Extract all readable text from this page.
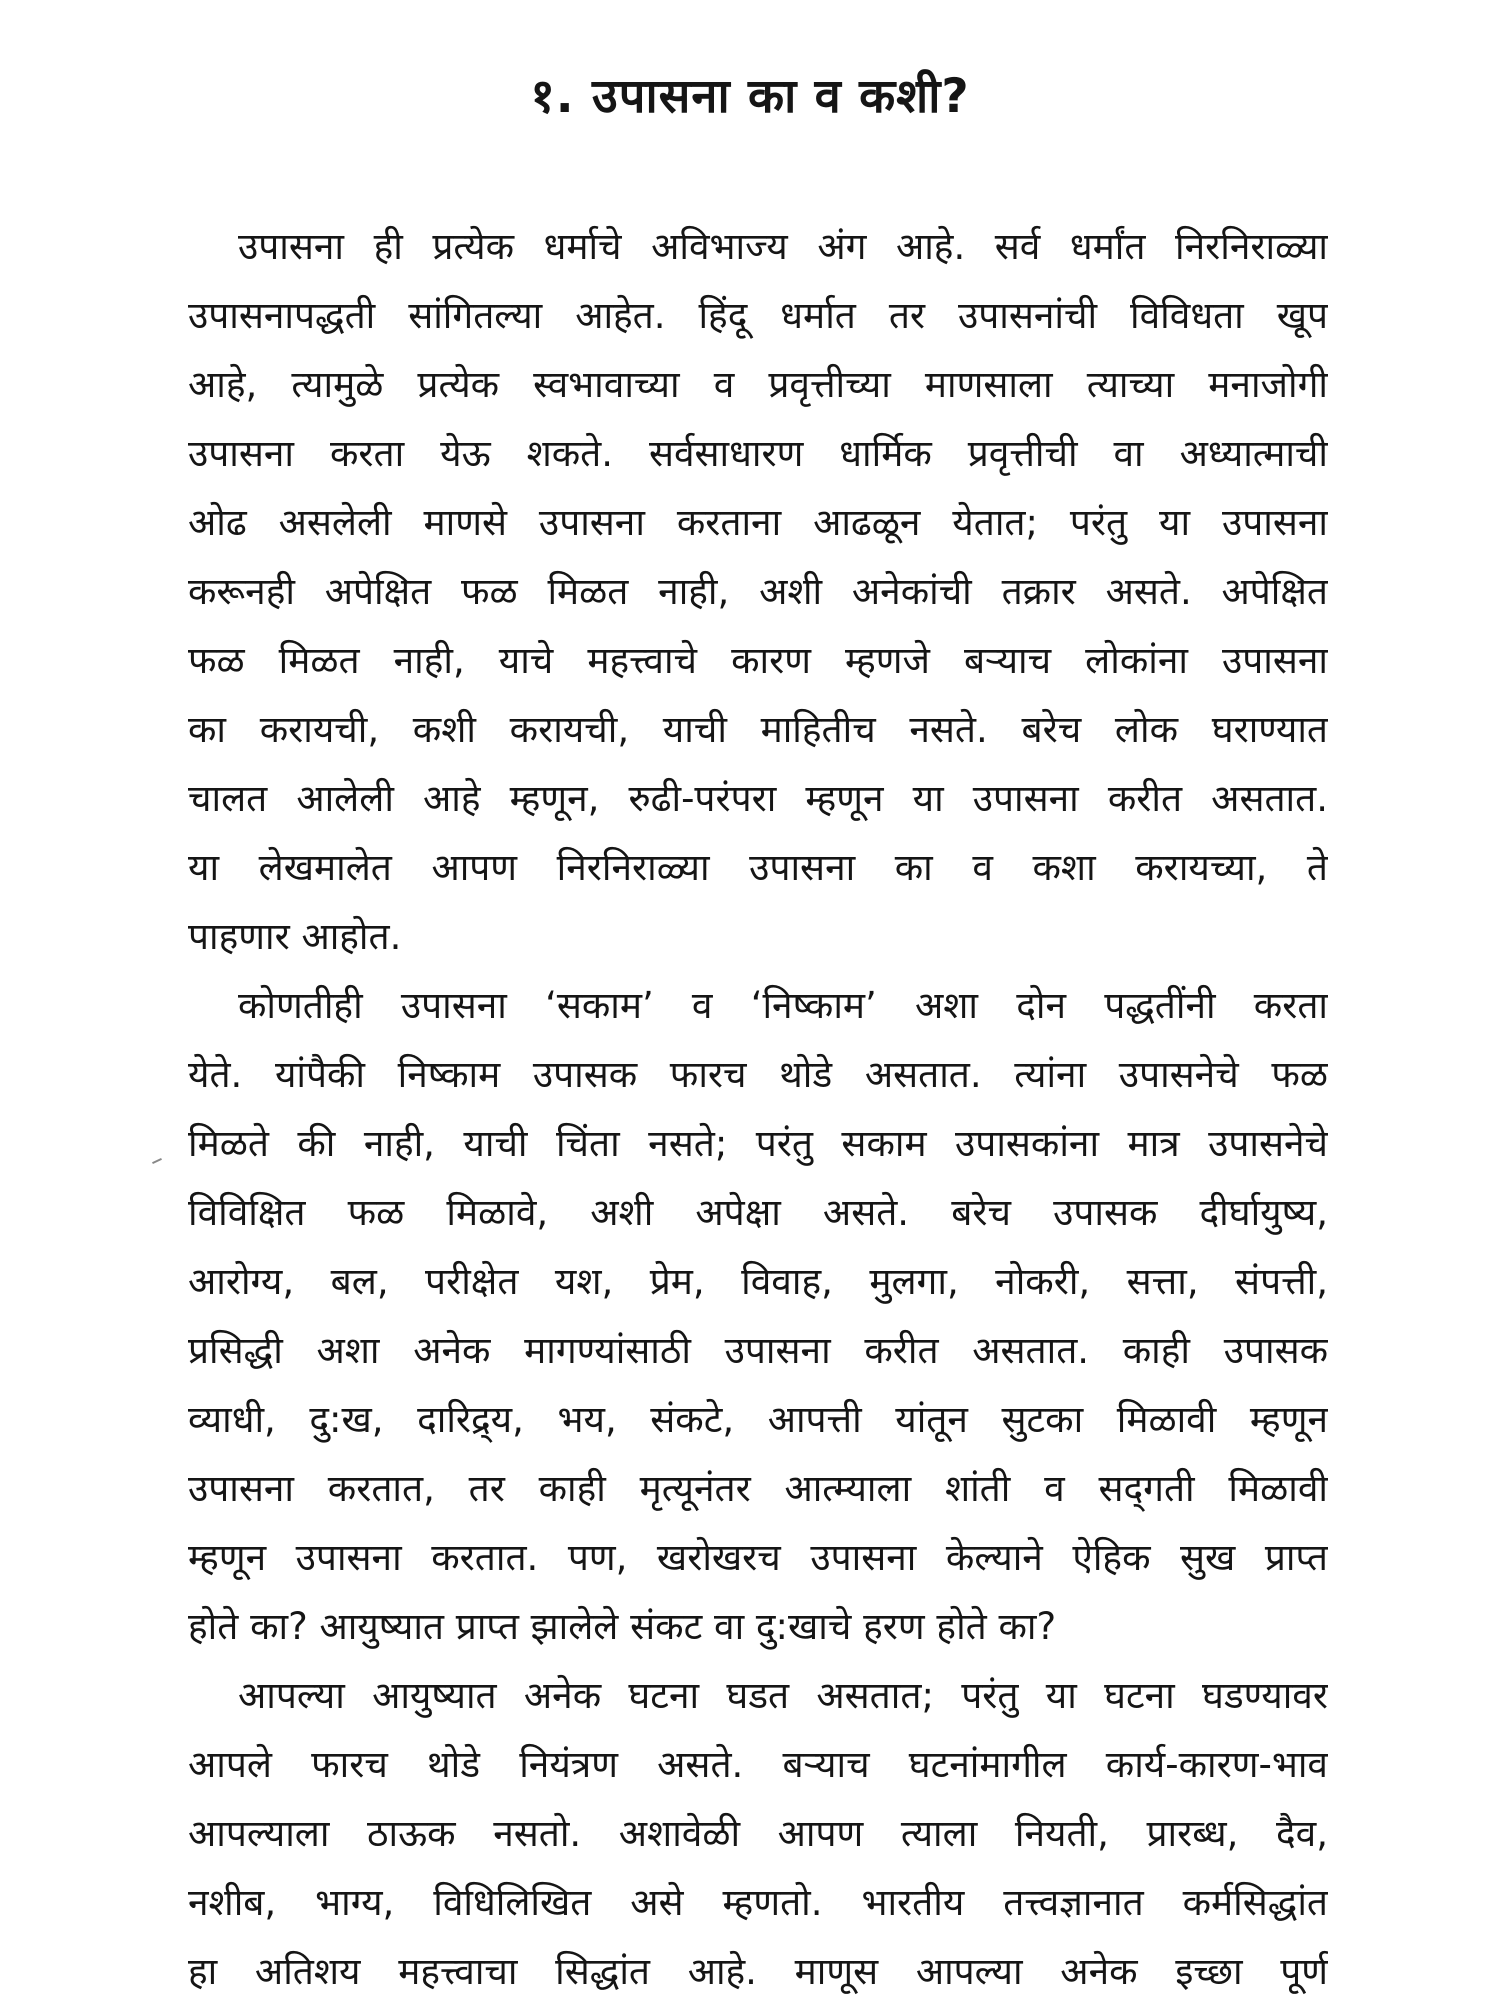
१. उपासना का व कशी?
उपासना ही प्रत्येक धर्माचे अविभाज्य अंग आहे. सर्व धर्मांत निरनिराळ्या
उपासनापद्धती सांगितल्या आहेत. हिंदू धर्मात तर उपासनांची विविधता खूप
आहे, त्यामुळे प्रत्येक स्वभावाच्या व प्रवृत्तीच्या माणसाला त्याच्या मनाजोगी
उपासना करता येऊ शकते. सर्वसाधारण धार्मिक प्रवृत्तीची वा अध्यात्माची
ओढ असलेली माणसे उपासना करताना आढळून येतात; परंतु या उपासना
करूनही अपेक्षित फळ मिळत नाही, अशी अनेकांची तक्रार असते. अपेक्षित
फळ मिळत नाही, याचे महत्त्वाचे कारण म्हणजे बऱ्याच लोकांना उपासना
का करायची, कशी करायची, याची माहितीच नसते. बरेच लोक घराण्यात
चालत आलेली आहे म्हणून, रुढी-परंपरा म्हणून या उपासना करीत असतात.
या लेखमालेत आपण निरनिराळ्या उपासना का व कशा करायच्या, ते
पाहणार आहोत.
कोणतीही उपासना ‘सकाम’ व ‘निष्काम’ अशा दोन पद्धतींनी करता
येते. यांपैकी निष्काम उपासक फारच थोडे असतात. त्यांना उपासनेचे फळ
मिळते की नाही, याची चिंता नसते; परंतु सकाम उपासकांना मात्र उपासनेचे
विविक्षित फळ मिळावे, अशी अपेक्षा असते. बरेच उपासक दीर्घायुष्य,
आरोग्य, बल, परीक्षेत यश, प्रेम, विवाह, मुलगा, नोकरी, सत्ता, संपत्ती,
प्रसिद्धी अशा अनेक मागण्यांसाठी उपासना करीत असतात. काही उपासक
व्याधी, दु:ख, दारिद्र्य, भय, संकटे, आपत्ती यांतून सुटका मिळावी म्हणून
उपासना करतात, तर काही मृत्यूनंतर आत्म्याला शांती व सद्‌गती मिळावी
म्हणून उपासना करतात. पण, खरोखरच उपासना केल्याने ऐहिक सुख प्राप्त
होते का? आयुष्यात प्राप्त झालेले संकट वा दु:खाचे हरण होते का?
आपल्या आयुष्यात अनेक घटना घडत असतात; परंतु या घटना घडण्यावर
आपले फारच थोडे नियंत्रण असते. बऱ्याच घटनांमागील कार्य-कारण-भाव
आपल्याला ठाऊक नसतो. अशावेळी आपण त्याला नियती, प्रारब्ध, दैव,
नशीब, भाग्य, विधिलिखित असे म्हणतो. भारतीय तत्त्वज्ञानात कर्मसिद्धांत
हा अतिशय महत्त्वाचा सिद्धांत आहे. माणूस आपल्या अनेक इच्छा पूर्ण
